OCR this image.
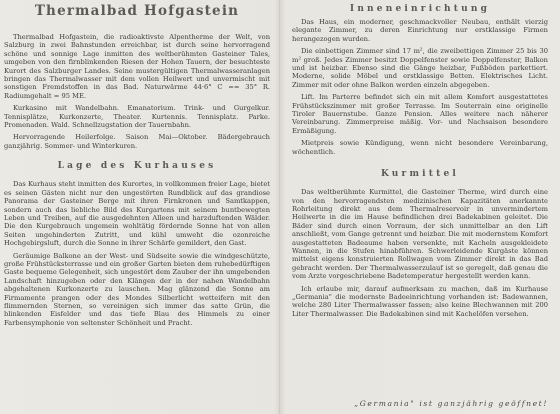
Thermalbad Hofgastein

Thermalbad Hofgastein, die radioaktivste Alpentherme der Welt, von Salzburg in zwei Bahnstunden erreichbar, ist durch seine hervorragend schöne und sonnige Lage inmitten des weltberühmten Gasteiner Tales, umgeben von den firnblinkenden Riesen der Hohen Tauern, der besuchteste Kurort des Salzburger Landes. Seine mustergültigen Thermalwasseranlagen bringen das Thermalwasser mit dem vollen Heilwert und unvermischt mit sonstigen Fremdstoffen in das Bad. Naturwärme 44·6° C == 35° R. Radiumgehalt = 95 ME.

Kurkasino mit Wandelbahn. Emanatorium. Trink- und Gurgelkur. Tennisplätze, Kurkonzerte, Theater. Kurtennis. Tennisplatz. Parke. Promenaden. Wald. Schnellzugstation der Tauernbahn.

Hervorragende Heilerfolge. Saison Mai—Oktober. Bädergebrauch ganzjährig. Sommer- und Winterkuren.

Lage des Kurhauses

Das Kurhaus steht inmitten des Kurortes, in vollkommen freier Lage, bietet es seinen Gästen nicht nur den ungestörten Rundblick auf das grandiose Panorama der Gasteiner Berge mit ihren Firnkronen und Samtkappen, sondern auch das liebliche Bild des Kurgartens mit seinem buntbewegten Leben und Treiben, auf die ausgedehnten Alleen und harzduftenden Wälder. Die den Kurgebrauch ungemein wohltätig fördernde Sonne hat von allen Seiten ungehinderten Zutritt, und kühl umweht die ozonreiche Hochgebirgsluft, durch die Sonne in ihrer Schärfe gemildert, den Gast.

Geräumige Balkone an der West- und Südseite sowie die windgeschützte, große Frühstücksterrasse und ein großer Garten bieten dem ruhebedürftigen Gaste bequeme Gelegenheit, sich ungestört dem Zauber der ihn umgebenden Landschaft hinzugeben oder den Klängen der in der nahen Wandelbahn abgehaltenen Kurkonzerte zu lauschen. Mag glänzend die Sonne am Firmamente prangen oder des Mondes Silberlicht wetteifern mit den flimmernden Sternen, so vereinigen sich immer das satte Grün, die blinkenden Eisfelder und das tiefe Blau des Himmels zu einer Farbensymphonie von seltenster Schönheit und Pracht.

Inneneinrichtung

Das Haus, ein moderner, geschmackvoller Neubau, enthält vierzig elegante Zimmer, zu deren Einrichtung nur erstklassige Firmen herangezogen wurden.

Die einbettigen Zimmer sind 17 m², die zweibettigen Zimmer 25 bis 30 m² groß. Jedes Zimmer besitzt Doppelfenster sowie Doppelfenster, Balkon und ist heizbar. Ebenso sind die Gänge heizbar, Fußböden parkettiert. Moderne, solide Möbel und erstklassige Betten. Elektrisches Licht. Zimmer mit oder ohne Balkon werden einzeln abgegeben.

Lift. Im Parterre befindet sich ein mit allem Komfort ausgestattetes Frühstückszimmer mit großer Terrasse. Im Souterrain eine originelle Tiroler Bauernstube. Ganze Pension. Alles weitere nach näherer Vereinbarung. Zimmerpreise mäßig. Vor- und Nachsaison besondere Ermäßigung.

Mietpreis sowie Kündigung, wenn nicht besondere Vereinbarung, wöchentlich.

Kurmittel

Das weltberühmte Kurmittel, die Gasteiner Therme, wird durch eine von den hervorragendsten medizinischen Kapazitäten anerkannte Rohrleitung direkt aus dem Thermalreservoir in unvermindertem Heilwerte in die im Hause befindlichen drei Badekabinen geleitet. Die Bäder sind durch einen Vorraum, der sich unmittelbar an den Lift anschließt, vom Gange getrennt und heizbar. Die mit modernstem Komfort ausgestatteten Badeaume haben versenkte, mit Kacheln ausgekleidete Wannen, in die Stufen hinabführen. Schwerleidende Kurgäste können mittelst eigens konstruierten Rollwagen vom Zimmer direkt in das Bad gebracht werden. Der Thermalwasserzulauf ist so geregelt, daß genau die vom Arzte vorgeschriebene Badetemperatur hergestellt werden kann.

Ich erlaube mir, darauf aufmerksam zu machen, daß im Kurhause „Germania" die modernste Badeeinrichtung vorhanden ist: Badewannen, welche 280 Liter Thermalwasser fassen; also keine Blechwannen mit 200 Liter Thermalwasser. Die Badekabinen sind mit Kachelöfen versehen.

„Germania" ist ganzjährig geöffnet!
